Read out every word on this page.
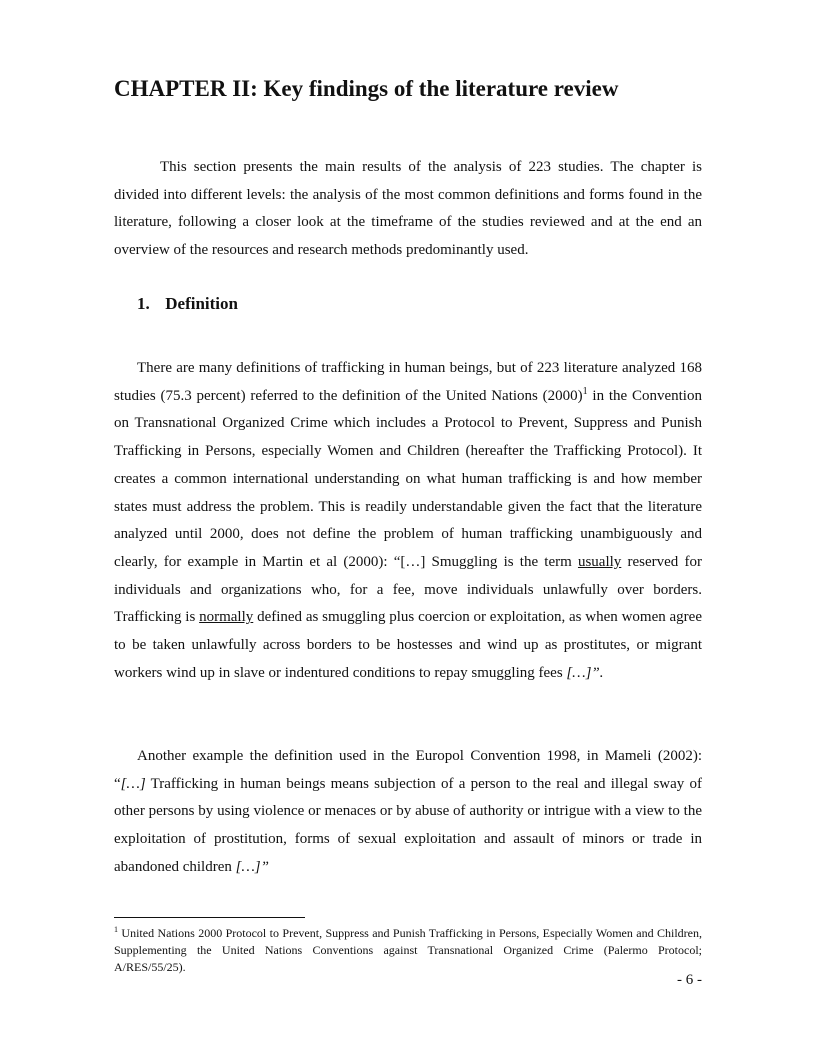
CHAPTER II: Key findings of the literature review

This section presents the main results of the analysis of 223 studies. The chapter is divided into different levels: the analysis of the most common definitions and forms found in the literature, following a closer look at the timeframe of the studies reviewed and at the end an overview of the resources and research methods predominantly used.

1. Definition

There are many definitions of trafficking in human beings, but of 223 literature analyzed 168 studies (75.3 percent) referred to the definition of the United Nations $(2000)^1$ in the Convention on Transnational Organized Crime which includes a Protocol to Prevent, Suppress and Punish Trafficking in Persons, especially Women and Children (hereafter the Trafficking Protocol). It creates a common international understanding on what human trafficking is and how member states must address the problem. This is readily understandable given the fact that the literature analyzed until 2000, does not define the problem of human trafficking unambiguously and clearly, for example in Martin et al (2000): “[…] Smuggling is the term usually reserved for individuals and organizations who, for a fee, move individuals unlawfully over borders. Trafficking is normally defined as smuggling plus coercion or exploitation, as when women agree to be taken unlawfully across borders to be hostesses and wind up as prostitutes, or migrant workers wind up in slave or indentured conditions to repay smuggling fees […]”.

Another example the definition used in the Europol Convention 1998, in Mameli (2002): “[…] Trafficking in human beings means subjection of a person to the real and illegal sway of other persons by using violence or menaces or by abuse of authority or intrigue with a view to the exploitation of prostitution, forms of sexual exploitation and assault of minors or trade in abandoned children […]”

$^1$ United Nations 2000 Protocol to Prevent, Suppress and Punish Trafficking in Persons, Especially Women and Children, Supplementing the United Nations Conventions against Transnational Organized Crime (Palermo Protocol; A/RES/55/25).

- 6 -
